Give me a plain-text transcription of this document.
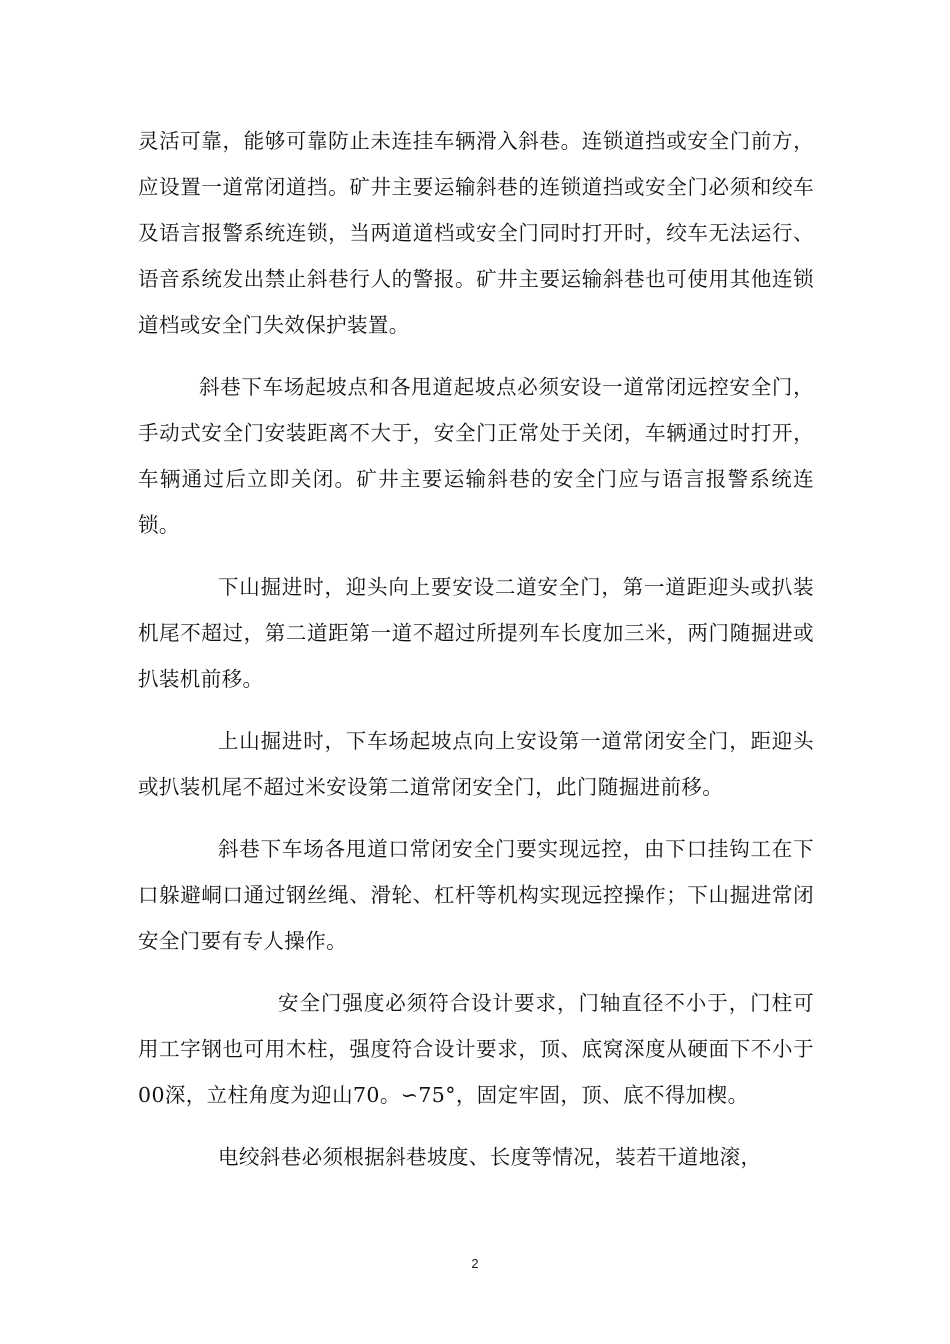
灵活可靠，能够可靠防止未连挂车辆滑入斜巷。连锁道挡或安全门前方，应设置一道常闭道挡。矿井主要运输斜巷的连锁道挡或安全门必须和绞车及语言报警系统连锁，当两道道档或安全门同时打开时，绞车无法运行、语音系统发出禁止斜巷行人的警报。矿井主要运输斜巷也可使用其他连锁道档或安全门失效保护装置。

斜巷下车场起坡点和各甩道起坡点必须安设一道常闭远控安全门，手动式安全门安装距离不大于，安全门正常处于关闭，车辆通过时打开，车辆通过后立即关闭。矿井主要运输斜巷的安全门应与语言报警系统连锁。

下山掘进时，迎头向上要安设二道安全门，第一道距迎头或扒装机尾不超过，第二道距第一道不超过所提列车长度加三米，两门随掘进或扒装机前移。

上山掘进时，下车场起坡点向上安设第一道常闭安全门，距迎头或扒装机尾不超过米安设第二道常闭安全门，此门随掘进前移。

斜巷下车场各甩道口常闭安全门要实现远控，由下口挂钩工在下口躲避峒口通过钢丝绳、滑轮、杠杆等机构实现远控操作；下山掘进常闭安全门要有专人操作。

安全门强度必须符合设计要求，门轴直径不小于，门柱可用工字钢也可用木柱，强度符合设计要求，顶、底窝深度从硬面下不小于00深，立柱角度为迎山70。∽75°，固定牢固，顶、底不得加楔。

电绞斜巷必须根据斜巷坡度、长度等情况，装若干道地滚，

2
